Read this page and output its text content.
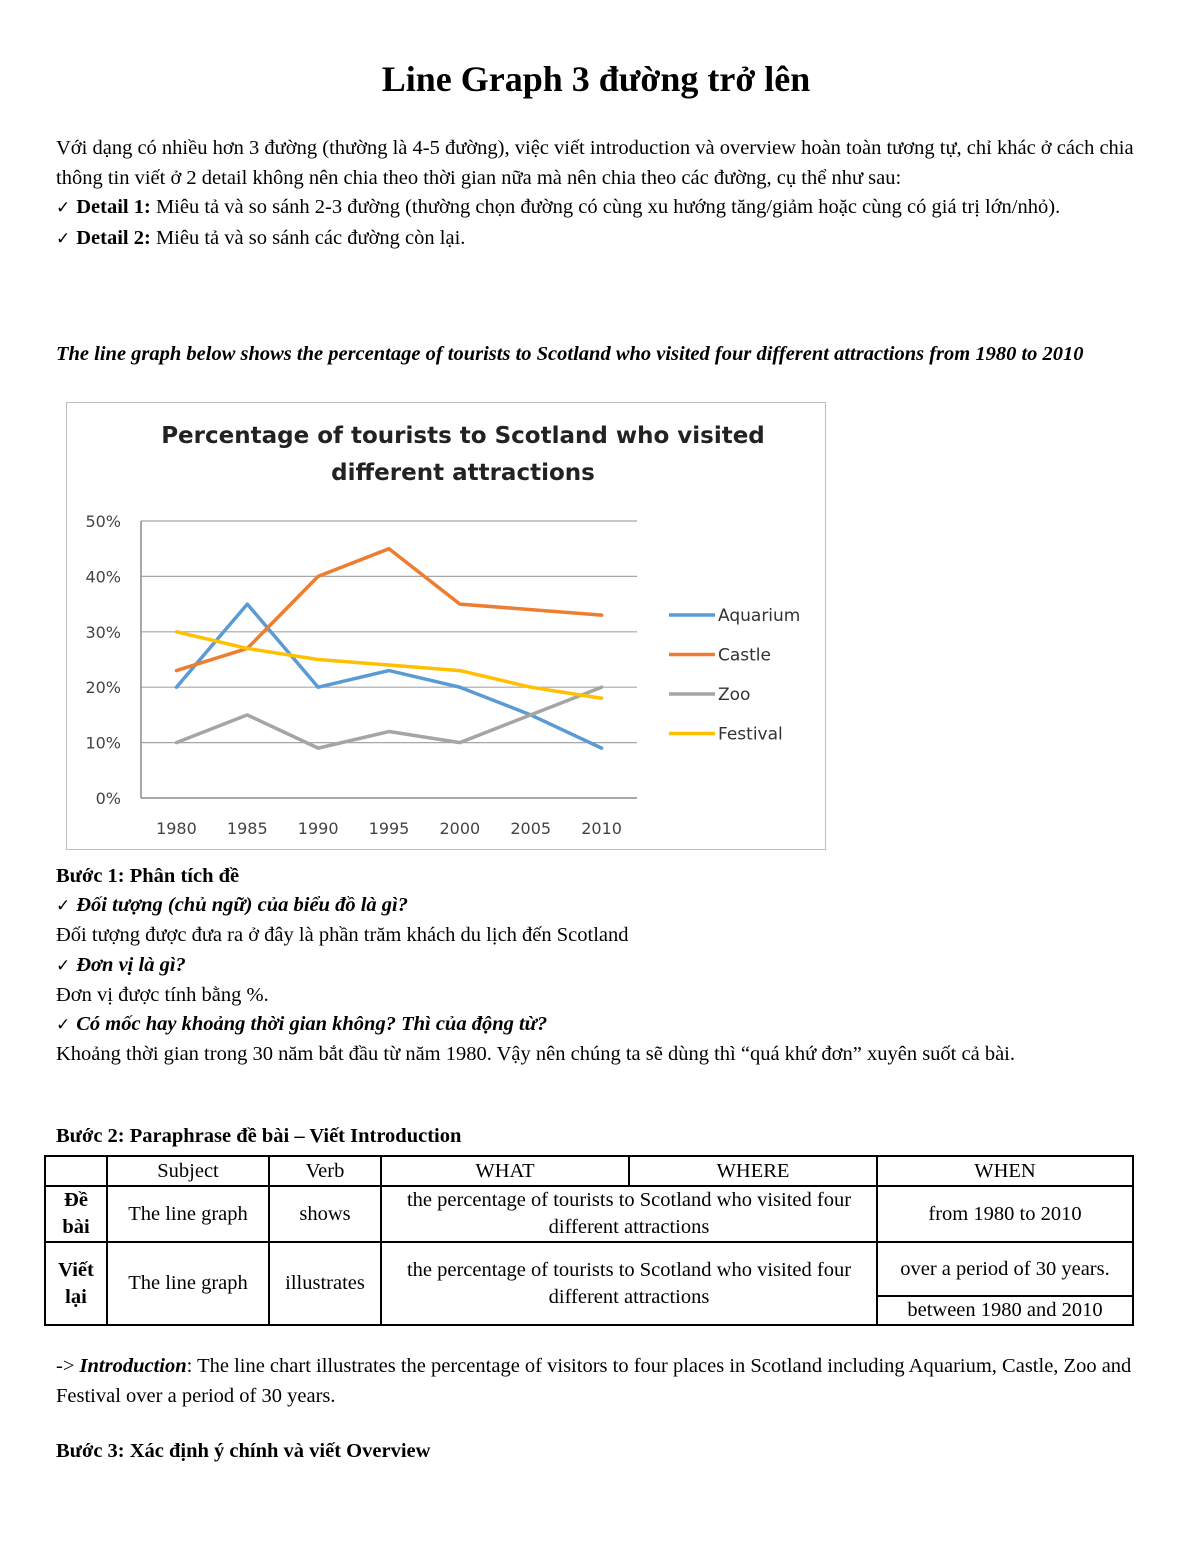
Line Graph 3 đường trở lên

Với dạng có nhiều hơn 3 đường (thường là 4-5 đường), việc viết introduction và overview hoàn toàn tương tự, chỉ khác ở cách chia thông tin viết ở 2 detail không nên chia theo thời gian nữa mà nên chia theo các đường, cụ thể như sau:

✓ Detail 1: Miêu tả và so sánh 2-3 đường (thường chọn đường có cùng xu hướng tăng/giảm hoặc cùng có giá trị lớn/nhỏ).

✓ Detail 2: Miêu tả và so sánh các đường còn lại.

The line graph below shows the percentage of tourists to Scotland who visited four different attractions from 1980 to 2010
Percentage of tourists to Scotland who visited
different attractions
0%
10%
20%
30%
40%
50%
1980 1985 1990 1995 2000 2005 2010
Aquarium
Castle
Zoo
Festival

Bước 1: Phân tích đề

✓ Đối tượng (chủ ngữ) của biểu đồ là gì?

Đối tượng được đưa ra ở đây là phần trăm khách du lịch đến Scotland

✓ Đơn vị là gì?

Đơn vị được tính bằng %.

✓ Có mốc hay khoảng thời gian không? Thì của động từ?

Khoảng thời gian trong 30 năm bắt đầu từ năm 1980. Vậy nên chúng ta sẽ dùng thì “quá khứ đơn” xuyên suốt cả bài.

Bước 2: Paraphrase đề bài – Viết Introduction
	Subject	Verb	WHAT	WHERE	WHEN
Đề bài	The line graph	shows	the percentage of tourists to Scotland who visited four different attractions		from 1980 to 2010
Viết lại	The line graph	illustrates	the percentage of tourists to Scotland who visited four different attractions		over a period of 30 years.
					between 1980 and 2010

-> Introduction: The line chart illustrates the percentage of visitors to four places in Scotland including Aquarium, Castle, Zoo and Festival over a period of 30 years.

Bước 3: Xác định ý chính và viết Overview
